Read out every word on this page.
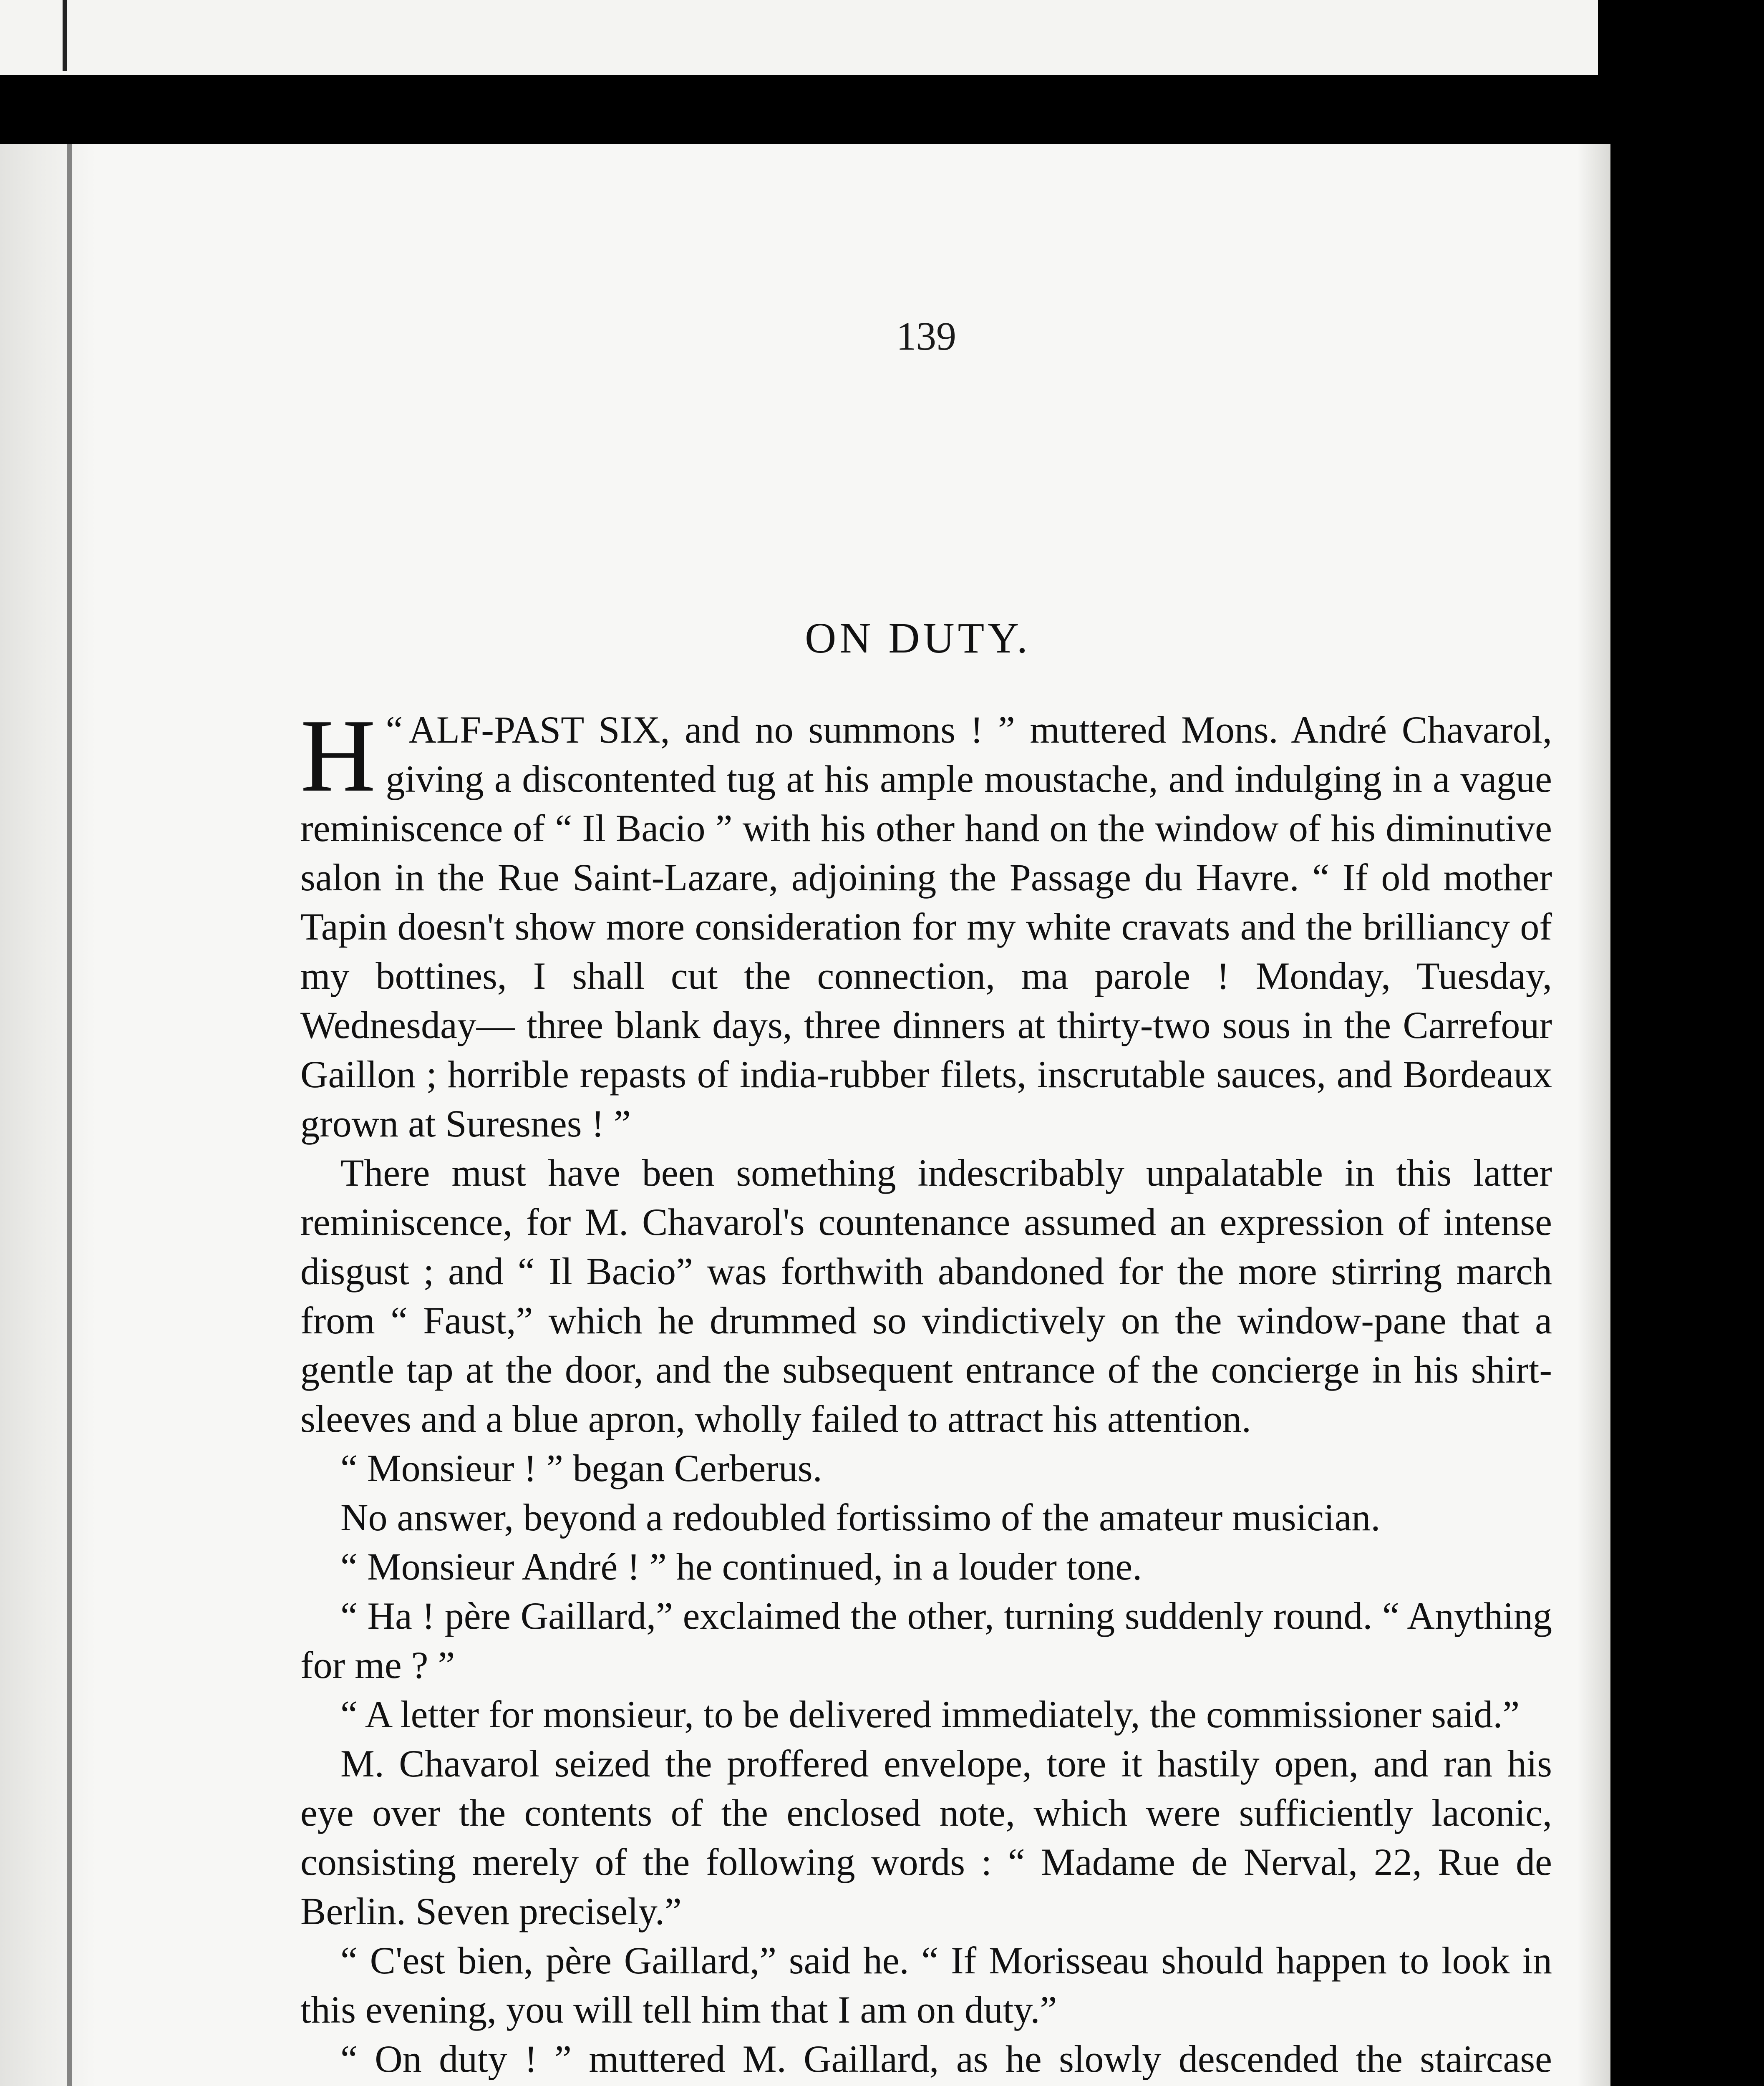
139
ON DUTY.

“
H ALF-PAST SIX, and no summons ! ” muttered Mons. André Chavarol, giving a discontented tug at his ample moustache, and indulging in a vague reminiscence of “ Il Bacio ” with his other hand on the window of his diminutive salon in the Rue Saint-Lazare, adjoining the Passage du Havre. “ If old mother Tapin doesn't show more consideration for my white cravats and the brilliancy of my bottines, I shall cut the connection, ma parole ! Monday, Tuesday, Wednesday— three blank days, three dinners at thirty-two sous in the Carrefour Gaillon ; horrible repasts of india-rubber filets, inscrutable sauces, and Bordeaux grown at Suresnes ! ”

There must have been something indescribably unpalatable in this latter reminiscence, for M. Chavarol's countenance assumed an expression of intense disgust ; and “ Il Bacio” was forthwith abandoned for the more stirring march from “ Faust,” which he drummed so vindictively on the window-pane that a gentle tap at the door, and the subsequent entrance of the concierge in his shirt-sleeves and a blue apron, wholly failed to attract his attention.

“ Monsieur ! ” began Cerberus.

No answer, beyond a redoubled fortissimo of the amateur musician.

“ Monsieur André ! ” he continued, in a louder tone.

“ Ha ! père Gaillard,” exclaimed the other, turning suddenly round. “ Anything for me ? ”

“ A letter for monsieur, to be delivered immediately, the commissioner said.”

M. Chavarol seized the proffered envelope, tore it hastily open, and ran his eye over the contents of the enclosed note, which were sufficiently laconic, consisting merely of the following words : “ Madame de Nerval, 22, Rue de Berlin. Seven precisely.”

“ C'est bien, père Gaillard,” said he. “ If Morisseau should happen to look in this evening, you will tell him that I am on duty.”

“ On duty ! ” muttered M. Gaillard, as he slowly descended the staircase
